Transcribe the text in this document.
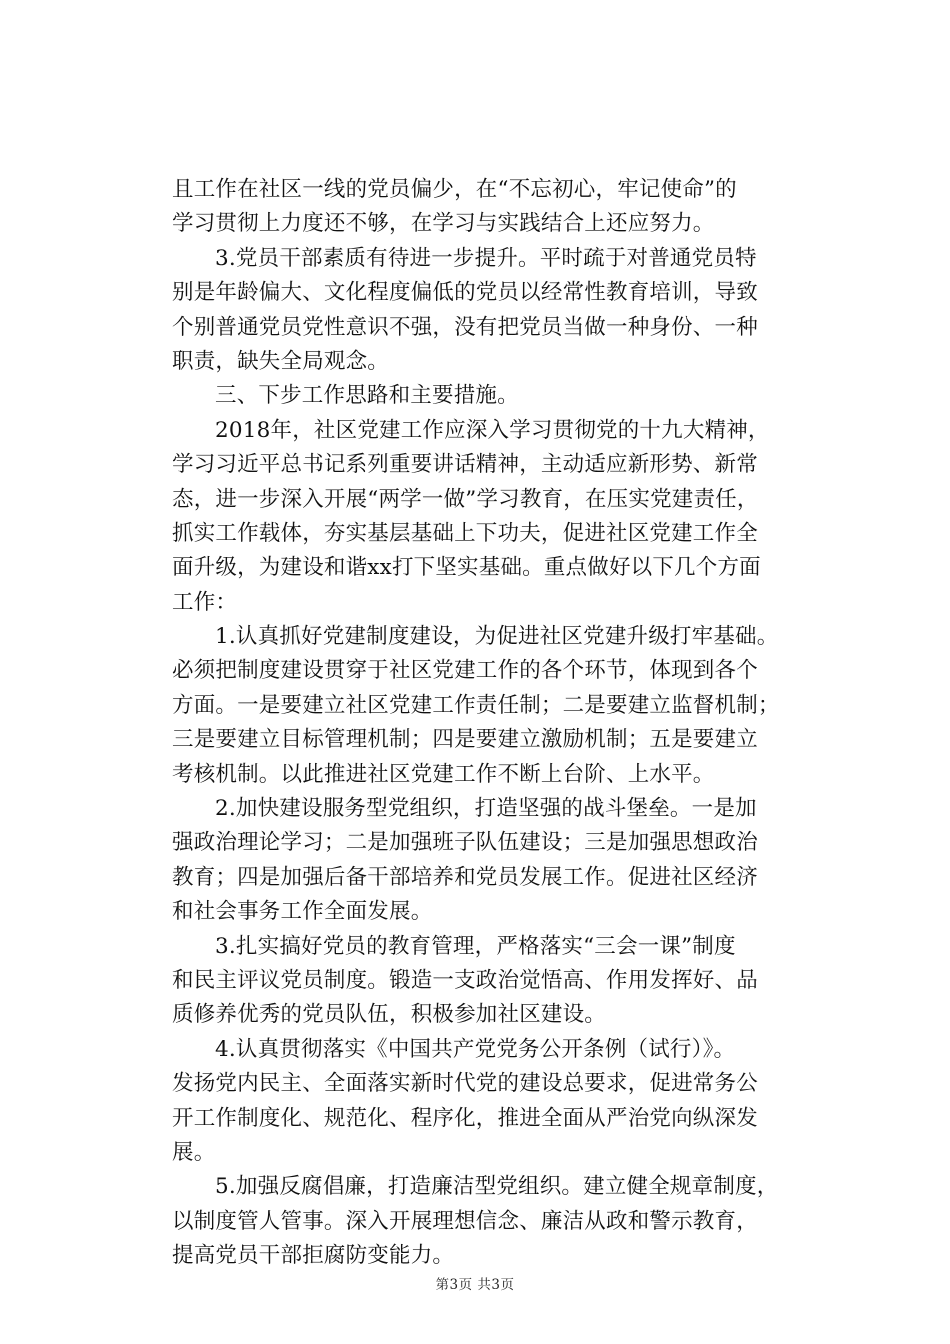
且工作在社区一线的党员偏少，在“不忘初心，牢记使命”的
学习贯彻上力度还不够，在学习与实践结合上还应努力。
3.党员干部素质有待进一步提升。平时疏于对普通党员特
别是年龄偏大、文化程度偏低的党员以经常性教育培训，导致
个别普通党员党性意识不强，没有把党员当做一种身份、一种
职责，缺失全局观念。
三、下步工作思路和主要措施。
2018年，社区党建工作应深入学习贯彻党的十九大精神，
学习习近平总书记系列重要讲话精神，主动适应新形势、新常
态，进一步深入开展“两学一做”学习教育，在压实党建责任，
抓实工作载体，夯实基层基础上下功夫，促进社区党建工作全
面升级，为建设和谐xx打下坚实基础。重点做好以下几个方面
工作：
1.认真抓好党建制度建设，为促进社区党建升级打牢基础。
必须把制度建设贯穿于社区党建工作的各个环节，体现到各个
方面。一是要建立社区党建工作责任制；二是要建立监督机制；
三是要建立目标管理机制；四是要建立激励机制；五是要建立
考核机制。以此推进社区党建工作不断上台阶、上水平。
2.加快建设服务型党组织，打造坚强的战斗堡垒。一是加
强政治理论学习；二是加强班子队伍建设；三是加强思想政治
教育；四是加强后备干部培养和党员发展工作。促进社区经济
和社会事务工作全面发展。
3.扎实搞好党员的教育管理，严格落实“三会一课”制度
和民主评议党员制度。锻造一支政治觉悟高、作用发挥好、品
质修养优秀的党员队伍，积极参加社区建设。
4.认真贯彻落实《中国共产党党务公开条例（试行）》。
发扬党内民主、全面落实新时代党的建设总要求，促进常务公
开工作制度化、规范化、程序化，推进全面从严治党向纵深发
展。
5.加强反腐倡廉，打造廉洁型党组织。建立健全规章制度，
以制度管人管事。深入开展理想信念、廉洁从政和警示教育，
提高党员干部拒腐防变能力。
第3页 共3页
